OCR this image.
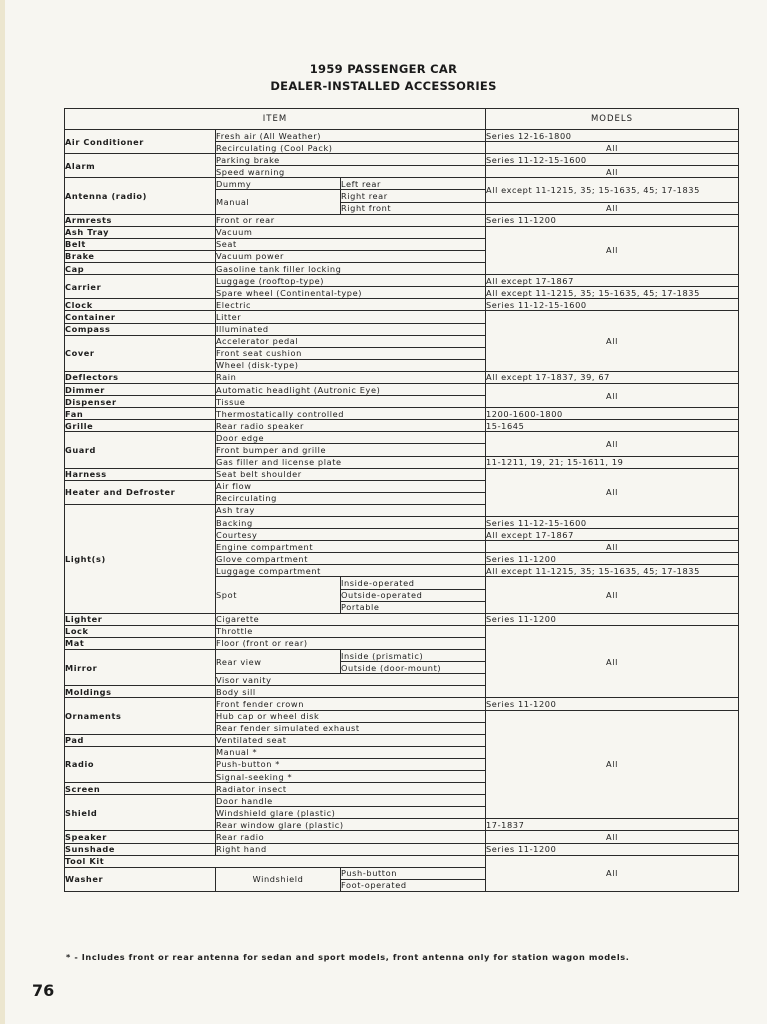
1959 PASSENGER CAR
DEALER-INSTALLED ACCESSORIES
ITEM			MODELS
Air Conditioner	Fresh air (All Weather)		Series 12-16-1800
	Recirculating (Cool Pack)		All
Alarm	Parking brake		Series 11-12-15-1600
	Speed warning		All
Antenna (radio)	Dummy	Left rear	All except 11-1215, 35; 15-1635, 45; 17-1835
	Manual	Right rear	
		Right front	All
Armrests	Front or rear		Series 11-1200
Ash Tray	Vacuum		All
Belt	Seat		
Brake	Vacuum power		
Cap	Gasoline tank filler locking		
Carrier	Luggage (rooftop-type)		All except 17-1867
	Spare wheel (Continental-type)		All except 11-1215, 35; 15-1635, 45; 17-1835

Clock	Electric		Series 11-12-15-1600
Container	Litter		All
Compass	Illuminated		
Cover	Accelerator pedal		
	Front seat cushion		
	Wheel (disk-type)		
Deflectors	Rain		All except 17-1837, 39, 67
Dimmer	Automatic headlight (Autronic Eye)		All
Dispenser	Tissue		
Fan	Thermostatically controlled		1200-1600-1800
Grille	Rear radio speaker		15-1645
Guard	Door edge		All
	Front bumper and grille		
	Gas filler and license plate		11-1211, 19, 21; 15-1611, 19
Harness	Seat belt shoulder		All
Heater and Defroster	Air flow		
	Recirculating		
Light(s)	Ash tray		
	Backing		Series 11-12-15-1600
	Courtesy		All except 17-1867
	Engine compartment		All
	Glove compartment		Series 11-1200
	Luggage compartment		All except 11-1215, 35; 15-1635, 45; 17-1835

	Spot	Inside-operated	All
		Outside-operated	
		Portable	
Lighter	Cigarette		Series 11-1200
Lock	Throttle		All
Mat	Floor (front or rear)		
Mirror	Rear view	Inside (prismatic)	
		Outside (door-mount)	
	Visor vanity		
Moldings	Body sill		
Ornaments	Front fender crown		Series 11-1200
	Hub cap or wheel disk		All
	Rear fender simulated exhaust		
Pad	Ventilated seat		
Radio	Manual *		
	Push-button *		
	Signal-seeking *		
Screen	Radiator insect		
Shield	Door handle		
	Windshield glare (plastic)		
	Rear window glare (plastic)		17-1837
Speaker	Rear radio		All
Sunshade	Right hand		Series 11-1200
Tool Kit			All
Washer	Windshield	Push-button	
		Foot-operated	
* - Includes front or rear antenna for sedan and sport models, front antenna only for station wagon models.
76
